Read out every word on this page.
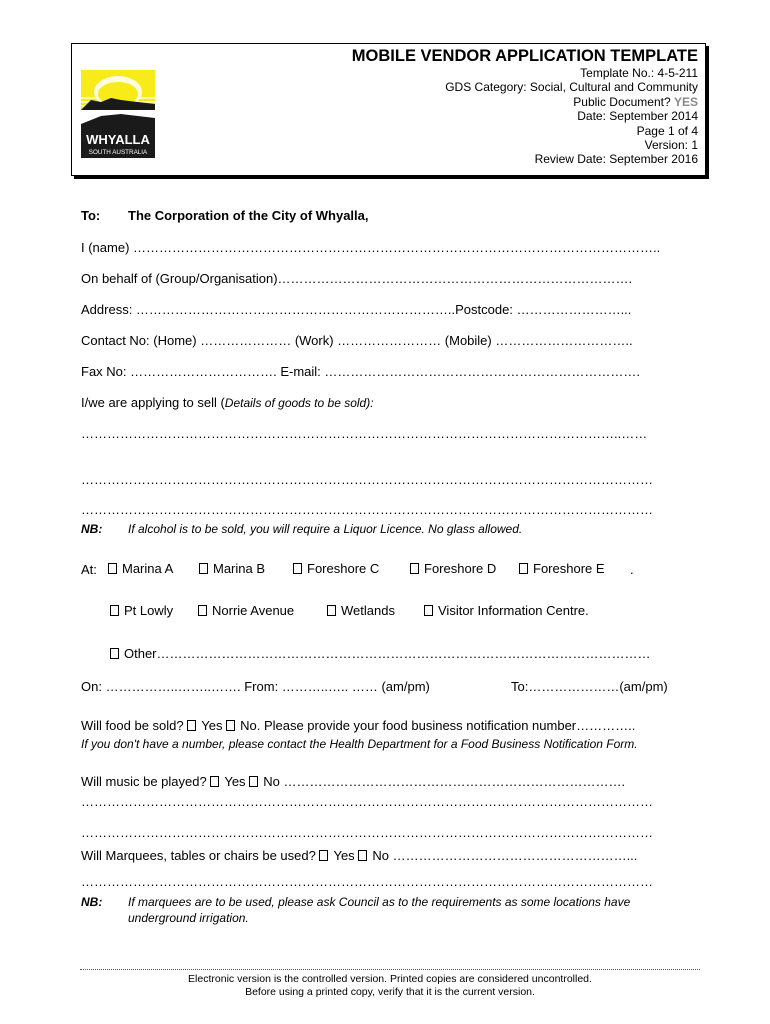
WHYALLA
SOUTH AUSTRALIA
MOBILE VENDOR APPLICATION TEMPLATE
Template No.: 4-5-211
GDS Category: Social, Cultural and Community
Public Document? YES
Date: September 2014
Page 1 of 4
Version: 1
Review Date: September 2016
To: The Corporation of the City of Whyalla,
I (name) …………………………………………………………………………………………………………..
On behalf of (Group/Organisation)……………………………………………………………………….
Address: ………………………………………………………………..Postcode: ……………………...
Contact No: (Home) ………………… (Work) …………………… (Mobile) …………………………..
Fax No: ……………………………. E-mail: ……………………………………………………………….
I/we are applying to sell (Details of goods to be sold):
……………………………………………………………………………………………………………..……
……………………………………………………………………………………………………………………
……………………………………………………………………………………………………………………
NB: If alcohol is to be sold, you will require a Liquor Licence. No glass allowed.
At:	Marina A	Marina B	Foreshore C	Foreshore D	Foreshore E .
Pt Lowly	Norrie Avenue	Wetlands	Visitor Information Centre.
Other……………………………………………………………………………………………………
On: ……………..……..……. From: ………..….. …… (am/pm)	To:…………………(am/pm)
Will food be sold? Yes No. Please provide your food business notification number…………..
If you don't have a number, please contact the Health Department for a Food Business Notification Form.
Will music be played? Yes No …………………………………………………………………….
……………………………………………………………………………………………………………………
……………………………………………………………………………………………………………………
Will Marquees, tables or chairs be used? Yes No ………………………………………………...
……………………………………………………………………………………………………………………
NB: If marquees are to be used, please ask Council as to the requirements as some locations have
underground irrigation.
Electronic version is the controlled version. Printed copies are considered uncontrolled.
Before using a printed copy, verify that it is the current version.
